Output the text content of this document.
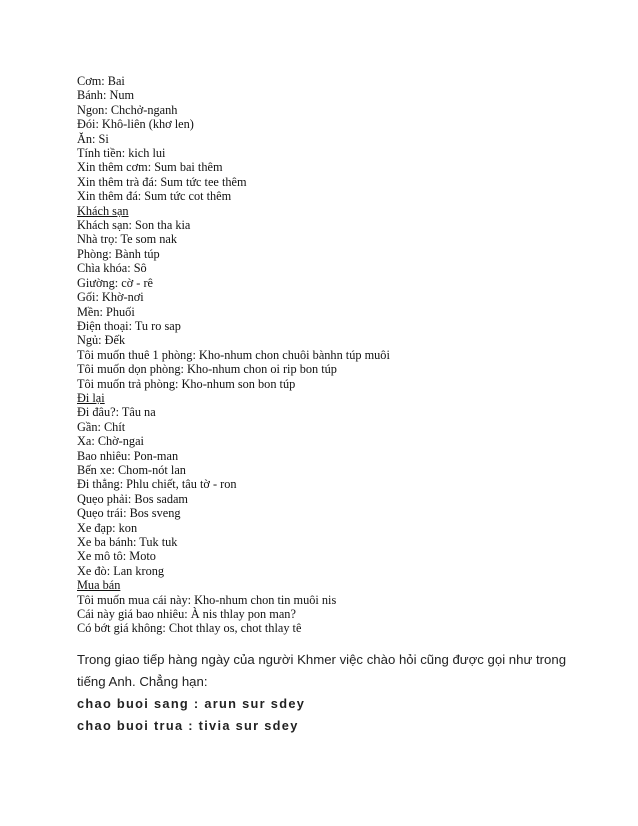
Cơm: Bai
Bánh: Num
Ngon: Chchở-nganh
Đói: Khô-liên (khơ len)
Ăn: Si
Tính tiền: kich lui
Xin thêm cơm: Sum bai thêm
Xin thêm trà đá: Sum tức tee thêm
Xin thêm đá: Sum tức cot thêm
Khách sạn
Khách sạn: Son tha kia
Nhà trọ: Te som nak
Phòng: Bành túp
Chìa khóa: Sô
Giường: cờ - rê
Gối: Khờ-nơi
Mền: Phuối
Điện thoại: Tu ro sap
Ngủ: Đếk
Tôi muốn thuê 1 phòng: Kho-nhum chon chuôi bànhn túp muôi
Tôi muốn dọn phòng: Kho-nhum chon oi rip bon túp
Tôi muốn trả phòng: Kho-nhum son bon túp
Đi lại
Đi đâu?: Tâu na
Gần: Chít
Xa: Chờ-ngai
Bao nhiêu: Pon-man
Bến xe: Chom-nót lan
Đi thẳng: Phlu chiết, tâu tờ - ron
Quẹo phải: Bos sadam
Quẹo trái: Bos sveng
Xe đạp: kon
Xe ba bánh: Tuk tuk
Xe mô tô: Moto
Xe đò: Lan krong
Mua bán
Tôi muốn mua cái này: Kho-nhum chon tin muôi nis
Cái này giá bao nhiêu: À nis thlay pon man?
Có bớt giá không: Chot thlay os, chot thlay tê
Trong giao tiếp hàng ngày của người Khmer việc chào hỏi cũng được gọi như trong
tiếng Anh. Chẳng hạn:
chao buoi sang : arun sur sdey
chao buoi trua : tivia sur sdey
